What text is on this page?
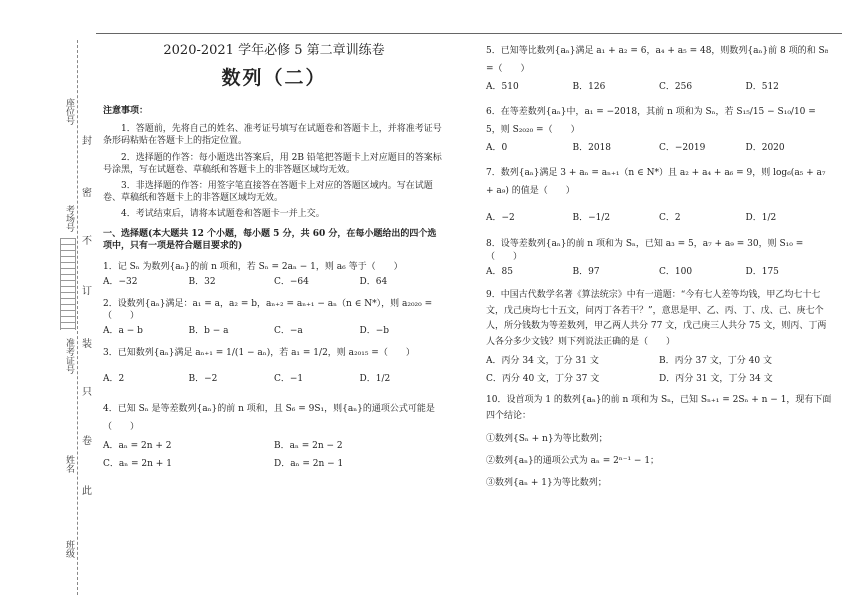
座位号
考场号
准考证号
姓名
班级
封
密
不
订
装
只
卷
此

2020-2021 学年必修 5 第二章训练卷

数列（二）

注意事项：

1．答题前，先将自己的姓名、准考证号填写在试题卷和答题卡上，并将准考证号条形码粘贴在答题卡上的指定位置。

2．选择题的作答：每小题选出答案后，用 2B 铅笔把答题卡上对应题目的答案标号涂黑，写在试题卷、草稿纸和答题卡上的非答题区域均无效。

3．非选择题的作答：用签字笔直接答在答题卡上对应的答题区域内。写在试题卷、草稿纸和答题卡上的非答题区域均无效。

4．考试结束后，请将本试题卷和答题卡一并上交。

一、选择题(本大题共 12 个小题，每小题 5 分，共 60 分，在每小题给出的四个选项中，只有一项是符合题目要求的)

1．记 Sₙ 为数列{aₙ}的前 n 项和，若 Sₙ = 2aₙ − 1，则 a₆ 等于（　　）

A．−32	B．32	C．−64	D．64

2．设数列{aₙ}满足：a₁ = a，a₂ = b，aₙ₊₂ = aₙ₊₁ − aₙ（n ∈ N*），则 a₂₀₂₀ =（　　）

A．a − b	B．b − a	C．−a	D．−b

3．已知数列{aₙ}满足 aₙ₊₁ = 1/(1 − aₙ)，若 a₁ = 1/2，则 a₂₀₁₅ =（　　）

A．2	B．−2	C．−1	D．1/2

4．已知 Sₙ 是等差数列{aₙ}的前 n 项和，且 S₆ = 9S₁，则{aₙ}的通项公式可能是（　　）

A．aₙ = 2n + 2	B．aₙ = 2n − 2
C．aₙ = 2n + 1	D．aₙ = 2n − 1

5．已知等比数列{aₙ}满足 a₁ + a₂ = 6，a₄ + a₅ = 48，则数列{aₙ}前 8 项的和 S₈ =（　　）

A．510	B．126	C．256	D．512

6．在等差数列{aₙ}中，a₁ = −2018，其前 n 项和为 Sₙ，若 S₁₅/15 − S₁₀/10 = 5，则 S₂₀₂₀ =（　　）

A．0	B．2018	C．−2019	D．2020

7．数列{aₙ}满足 3 + aₙ = aₙ₊₁（n ∈ N*）且 a₂ + a₄ + a₆ = 9，则 log₆(a₅ + a₇ + a₉) 的值是（　　）

A．−2	B．−1/2	C．2	D．1/2

8．设等差数列{aₙ}的前 n 项和为 Sₙ，已知 a₃ = 5，a₇ + a₉ = 30，则 S₁₀ =（　　）

A．85	B．97	C．100	D．175

9．中国古代数学名著《算法统宗》中有一道题：“今有七人差等均钱，甲乙均七十七文，戊己庚均七十五文，问丙丁各若干？”，意思是甲、乙、丙、丁、戊、己、庚七个人，所分钱数为等差数列，甲乙两人共分 77 文，戊己庚三人共分 75 文，则丙、丁两人各分多少文钱？则下列说法正确的是（　　）

A．丙分 34 文，丁分 31 文	B．丙分 37 文，丁分 40 文
C．丙分 40 文，丁分 37 文	D．丙分 31 文，丁分 34 文

10．设首项为 1 的数列{aₙ}的前 n 项和为 Sₙ，已知 Sₙ₊₁ = 2Sₙ + n − 1，现有下面四个结论：

①数列{Sₙ + n}为等比数列；

②数列{aₙ}的通项公式为 aₙ = 2ⁿ⁻¹ − 1；

③数列{aₙ + 1}为等比数列；
